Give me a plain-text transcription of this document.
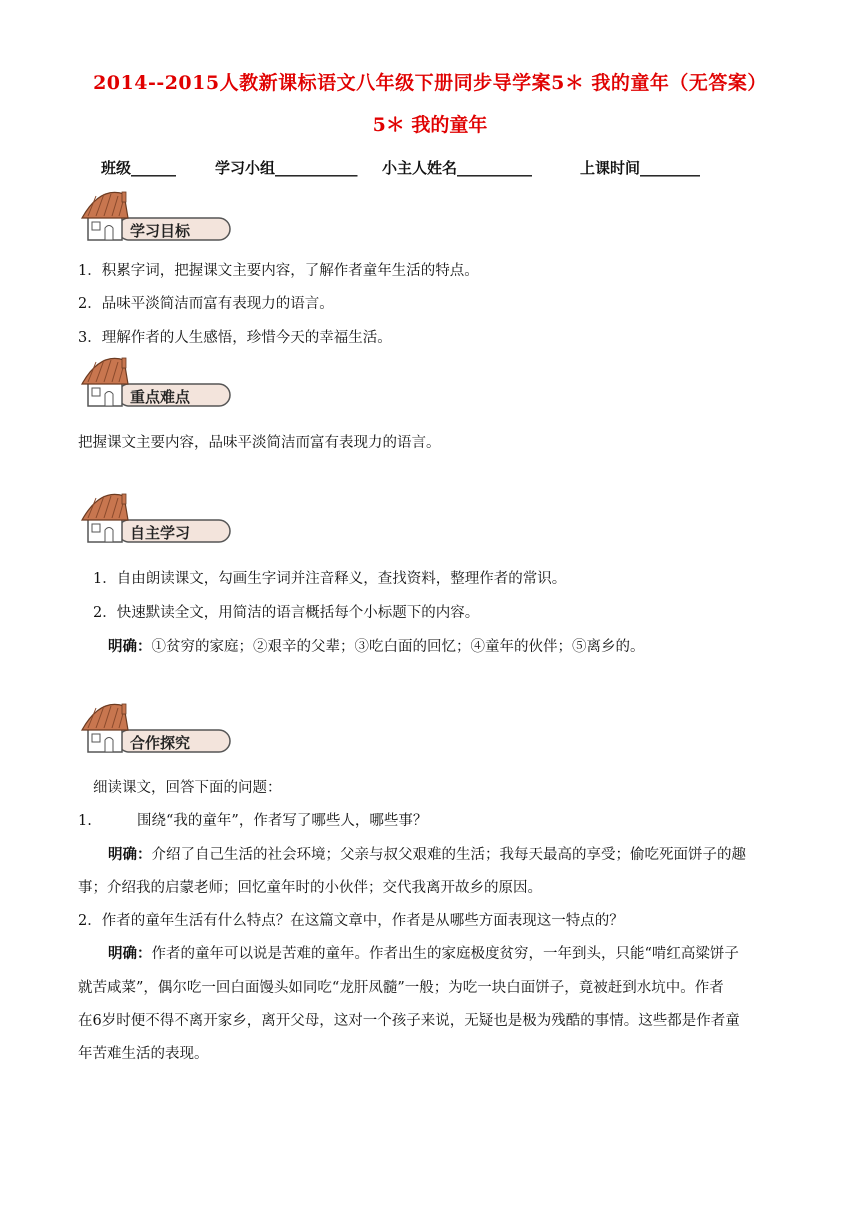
2014--2015人教新课标语文八年级下册同步导学案5＊ 我的童年（无答案）
5＊ 我的童年
班级______	学习小组___________ 小主人姓名__________	上课时间________
学习目标
1．积累字词，把握课文主要内容，了解作者童年生活的特点。
2．品味平淡简洁而富有表现力的语言。
3．理解作者的人生感悟，珍惜今天的幸福生活。
重点难点
把握课文主要内容，品味平淡简洁而富有表现力的语言。
自主学习
1．自由朗读课文，勾画生字词并注音释义，查找资料，整理作者的常识。
2．快速默读全文，用简洁的语言概括每个小标题下的内容。
明确：①贫穷的家庭；②艰辛的父辈；③吃白面的回忆；④童年的伙伴；⑤离乡的。
合作探究
细读课文，回答下面的问题：
1.	围绕“我的童年”，作者写了哪些人，哪些事？
明确：介绍了自己生活的社会环境；父亲与叔父艰难的生活；我每天最高的享受；偷吃死面饼子的趣
事；介绍我的启蒙老师；回忆童年时的小伙伴；交代我离开故乡的原因。
2．作者的童年生活有什么特点？在这篇文章中，作者是从哪些方面表现这一特点的？
明确：作者的童年可以说是苦难的童年。作者出生的家庭极度贫穷，一年到头，只能“啃红高粱饼子
就苦咸菜”，偶尔吃一回白面馒头如同吃“龙肝凤髓”一般；为吃一块白面饼子，竟被赶到水坑中。作者
在6岁时便不得不离开家乡，离开父母，这对一个孩子来说，无疑也是极为残酷的事情。这些都是作者童
年苦难生活的表现。
